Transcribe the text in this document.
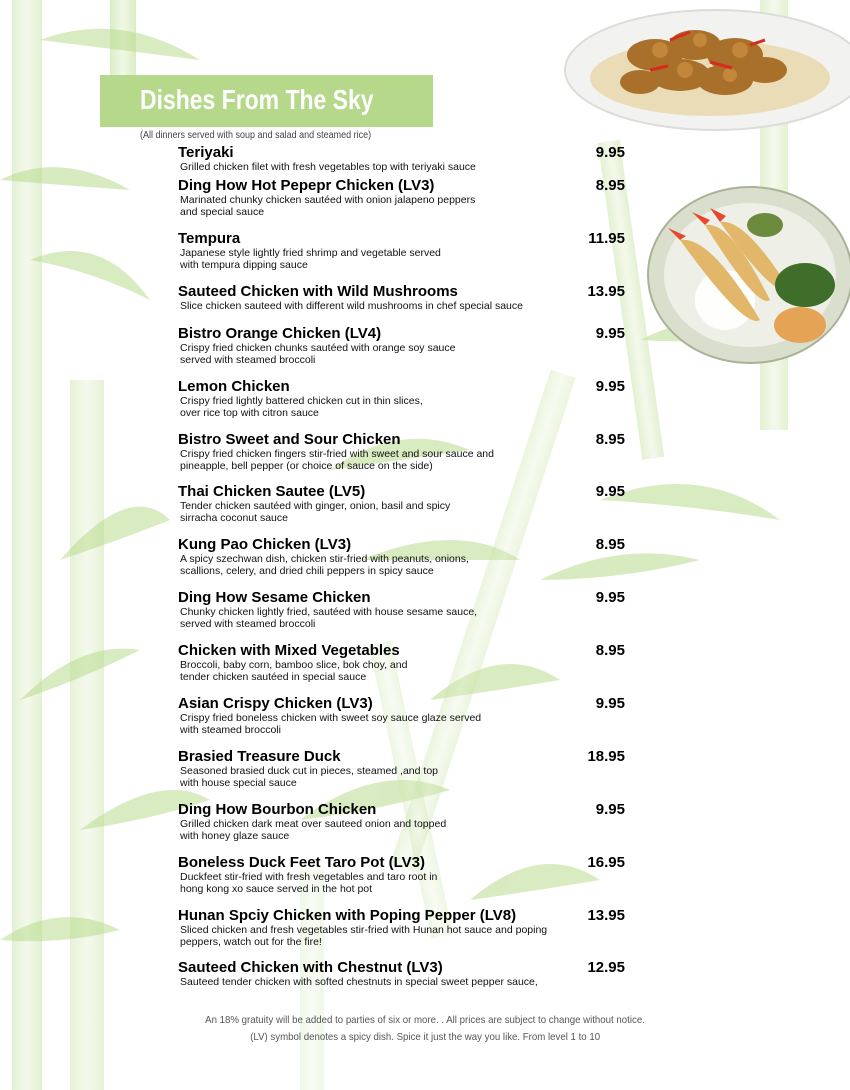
Dishes From The Sky
(All dinners served with soup and salad and steamed rice)
Teriyaki	9.95
Grilled chicken filet with fresh vegetables top with teriyaki sauce
Ding How Hot Pepepr Chicken (LV3)	8.95
Marinated chunky chicken sautéed with onion jalapeno peppers
and special sauce
Tempura	11.95
Japanese style lightly fried shrimp and vegetable served
with tempura dipping sauce
Sauteed Chicken with Wild Mushrooms	13.95
Slice chicken sauteed with different wild mushrooms in chef special sauce
Bistro Orange Chicken (LV4)	9.95
Crispy fried chicken chunks sautéed with orange soy sauce
served with steamed broccoli
Lemon Chicken	9.95
Crispy fried lightly battered chicken cut in thin slices,
over rice top with citron sauce
Bistro Sweet and Sour Chicken	8.95
Crispy fried chicken fingers stir-fried with sweet and sour sauce and
pineapple, bell pepper (or choice of sauce on the side)
Thai Chicken Sautee (LV5)	9.95
Tender chicken sautéed with ginger, onion, basil and spicy
sirracha coconut sauce
Kung Pao Chicken (LV3)	8.95
A spicy szechwan dish, chicken stir-fried with peanuts, onions,
scallions, celery, and dried chili peppers in spicy sauce
Ding How Sesame Chicken	9.95
Chunky chicken lightly fried, sautéed with house sesame sauce,
served with steamed broccoli
Chicken with Mixed Vegetables	8.95
Broccoli, baby corn, bamboo slice, bok choy, and
tender chicken sautéed in special sauce
Asian Crispy Chicken (LV3)	9.95
Crispy fried boneless chicken with sweet soy sauce glaze served
with steamed broccoli
Brasied Treasure Duck	18.95
Seasoned brasied duck cut in pieces, steamed ,and top
with house special sauce
Ding How Bourbon Chicken	9.95
Grilled chicken dark meat over sauteed onion and topped
with honey glaze sauce
Boneless Duck Feet Taro Pot (LV3)	16.95
Duckfeet stir-fried with fresh vegetables and taro root in
hong kong xo sauce served in the hot pot
Hunan Spciy Chicken with Poping Pepper (LV8)	13.95
Sliced chicken and fresh vegetables stir-fried with Hunan hot sauce and poping
peppers, watch out for the fire!
Sauteed Chicken with Chestnut (LV3)	12.95
Sauteed tender chicken with softed chestnuts in special sweet pepper sauce,
An 18% gratuity will be added to parties of six or more. . All prices are subject to change without notice.
(LV) symbol denotes a spicy dish. Spice it just the way you like. From level 1 to 10
